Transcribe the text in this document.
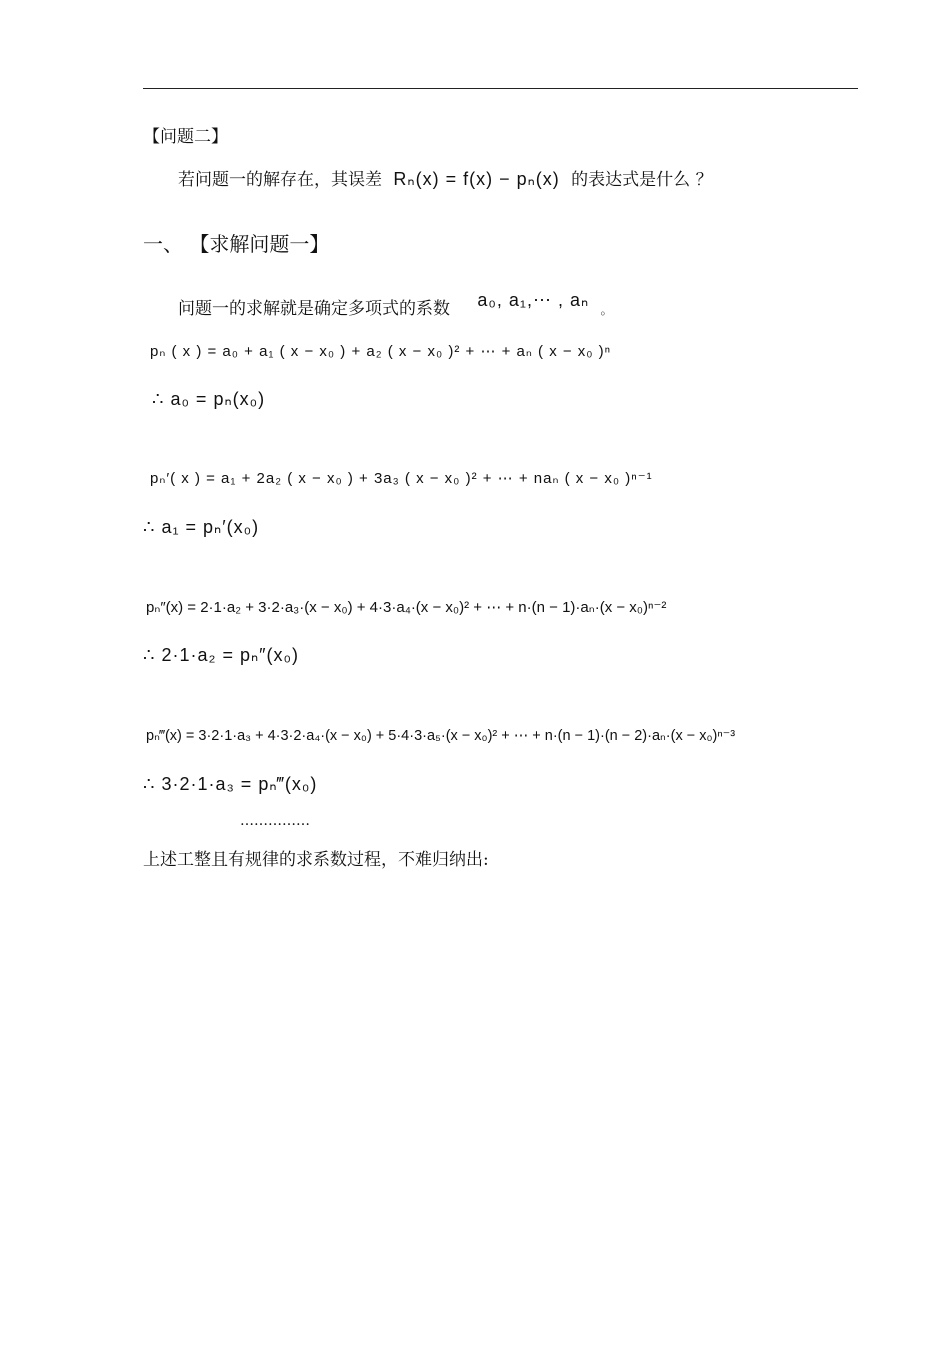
【问题二】
若问题一的解存在，其误差 Rₙ(x) = f(x) − pₙ(x) 的表达式是什么 ？
一、 【求解问题一】
问题一的求解就是确定多项式的系数 a₀, a₁,⋯ , aₙ 。
pₙ ( x ) = a₀ + a₁ ( x − x₀ ) + a₂ ( x − x₀ )² + ⋯ + aₙ ( x − x₀ )ⁿ
∴ a₀ = pₙ(x₀)
pₙ′( x ) = a₁ + 2a₂ ( x − x₀ ) + 3a₃ ( x − x₀ )² + ⋯ + naₙ ( x − x₀ )ⁿ⁻¹
∴ a₁ = pₙ′(x₀)
pₙ″(x) = 2·1·a₂ + 3·2·a₃·(x − x₀) + 4·3·a₄·(x − x₀)² + ⋯ + n·(n − 1)·aₙ·(x − x₀)ⁿ⁻²
∴ 2·1·a₂ = pₙ″(x₀)
pₙ‴(x) = 3·2·1·a₃ + 4·3·2·a₄·(x − x₀) + 5·4·3·a₅·(x − x₀)² + ⋯ + n·(n − 1)·(n − 2)·aₙ·(x − x₀)ⁿ⁻³
∴ 3·2·1·a₃ = pₙ‴(x₀)
……………
上述工整且有规律的求系数过程，不难归纳出:
